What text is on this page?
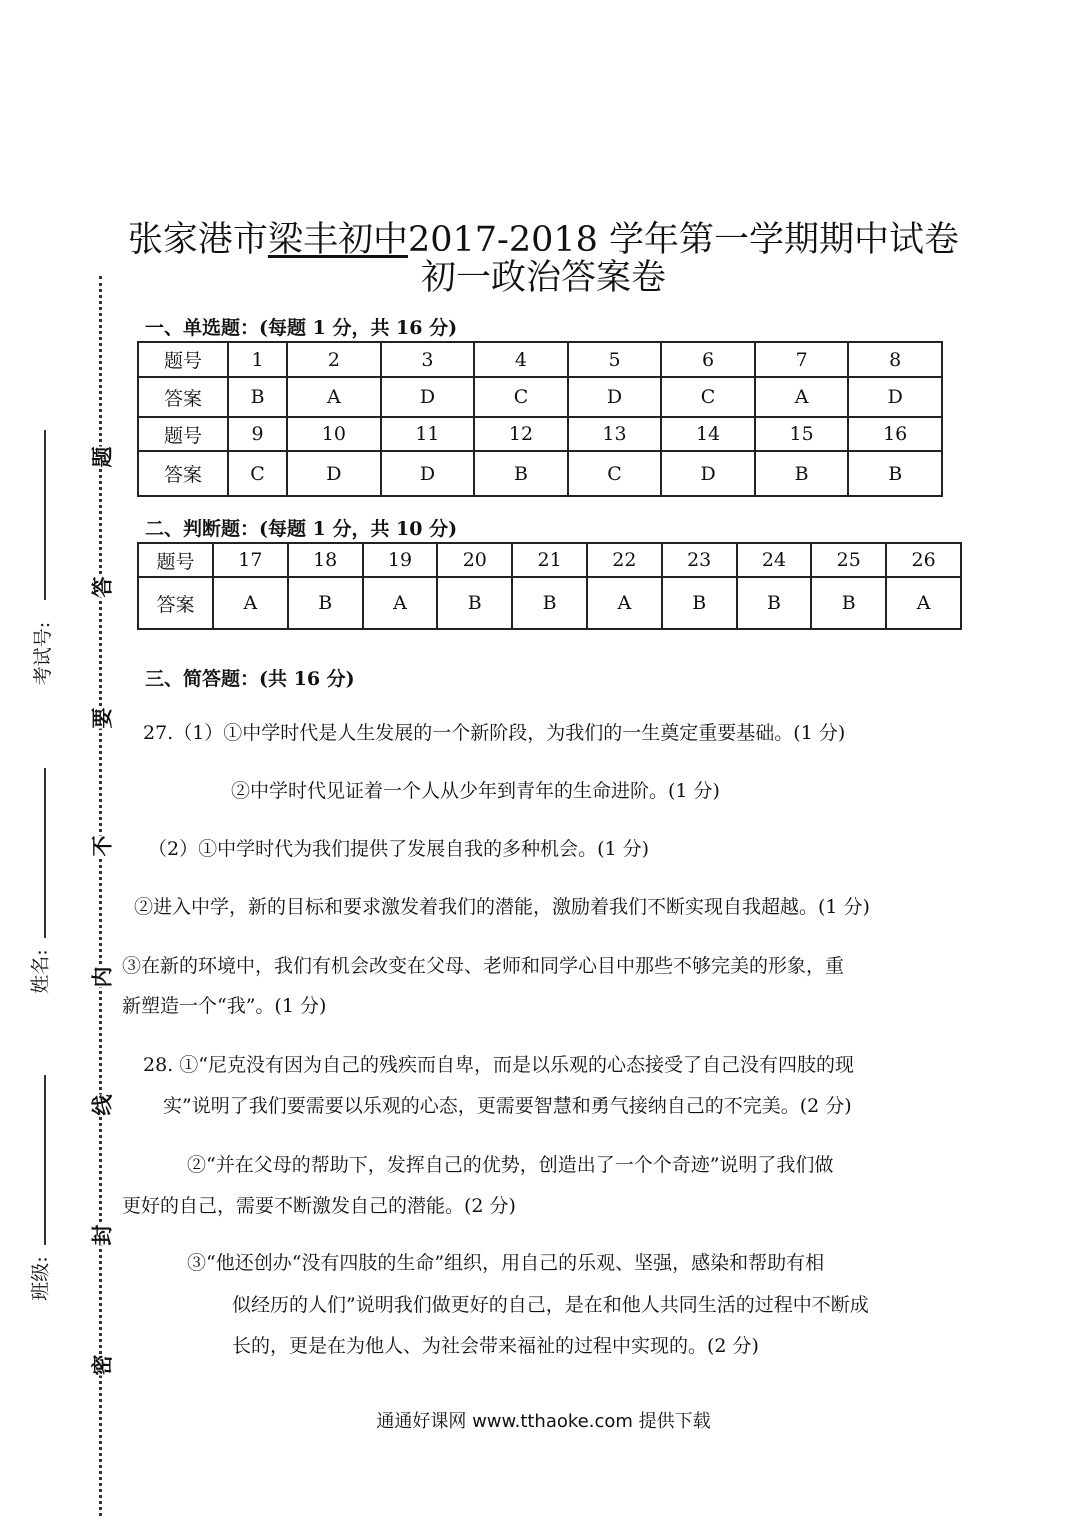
题
答
要
不
内
线
封
密
考试号:
姓名:
班级:
张家港市梁丰初中2017-2018 学年第一学期期中试卷
初一政治答案卷
一、单选题：(每题 1 分，共 16 分)
题号	1	2	3	4	5	6	7	8
答案	B	A	D	C	D	C	A	D
题号	9	10	11	12	13	14	15	16
答案	C	D	D	B	C	D	B	B
二、判断题：(每题 1 分，共 10 分)
题号	17	18	19	20	21	22	23	24	25	26
答案	A	B	A	B	B	A	B	B	B	A
三、简答题：(共 16 分)
27.（1）①中学时代是人生发展的一个新阶段，为我们的一生奠定重要基础。(1 分)
②中学时代见证着一个人从少年到青年的生命进阶。(1 分)
（2）①中学时代为我们提供了发展自我的多种机会。(1 分)
②进入中学，新的目标和要求激发着我们的潜能，激励着我们不断实现自我超越。(1 分)
③在新的环境中，我们有机会改变在父母、老师和同学心目中那些不够完美的形象，重
新塑造一个“我”。(1 分)
28. ①“尼克没有因为自己的残疾而自卑，而是以乐观的心态接受了自己没有四肢的现
实”说明了我们要需要以乐观的心态，更需要智慧和勇气接纳自己的不完美。(2 分)
②“并在父母的帮助下，发挥自己的优势，创造出了一个个奇迹”说明了我们做
更好的自己，需要不断激发自己的潜能。(2 分)
③“他还创办“没有四肢的生命”组织，用自己的乐观、坚强，感染和帮助有相
似经历的人们”说明我们做更好的自己，是在和他人共同生活的过程中不断成
长的，更是在为他人、为社会带来福祉的过程中实现的。(2 分)
通通好课网 www.tthaoke.com 提供下载
